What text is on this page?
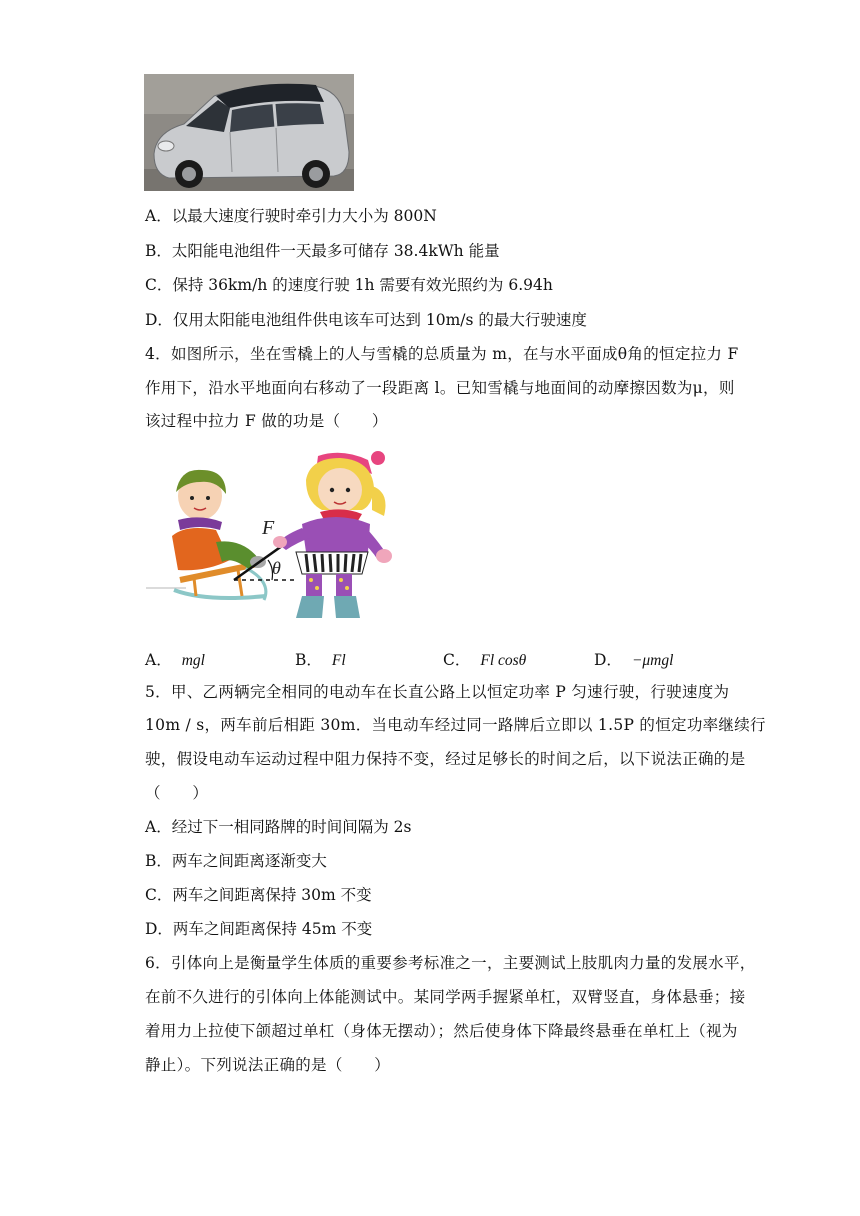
A．以最大速度行驶时牵引力大小为 800N
B．太阳能电池组件一天最多可储存 38.4kWh 能量
C．保持 36km/h 的速度行驶 1h 需要有效光照约为 6.94h
D．仅用太阳能电池组件供电该车可达到 10m/s 的最大行驶速度
4．如图所示，坐在雪橇上的人与雪橇的总质量为 m，在与水平面成θ角的恒定拉力 F
作用下，沿水平地面向右移动了一段距离 l。已知雪橇与地面间的动摩擦因数为μ，则
该过程中拉力 F 做的功是（　　）
F
θ
A． mgl	B． Fl	C． Fl cosθ	D． −μmgl
5．甲、乙两辆完全相同的电动车在长直公路上以恒定功率 P 匀速行驶，行驶速度为
10m / s，两车前后相距 30m．当电动车经过同一路牌后立即以 1.5P 的恒定功率继续行
驶，假设电动车运动过程中阻力保持不变，经过足够长的时间之后，以下说法正确的是
（　　）
A．经过下一相同路牌的时间间隔为 2s
B．两车之间距离逐渐变大
C．两车之间距离保持 30m 不变
D．两车之间距离保持 45m 不变
6．引体向上是衡量学生体质的重要参考标准之一，主要测试上肢肌肉力量的发展水平，
在前不久进行的引体向上体能测试中。某同学两手握紧单杠，双臂竖直，身体悬垂；接
着用力上拉使下颌超过单杠（身体无摆动）；然后使身体下降最终悬垂在单杠上（视为
静止）。下列说法正确的是（　　）
